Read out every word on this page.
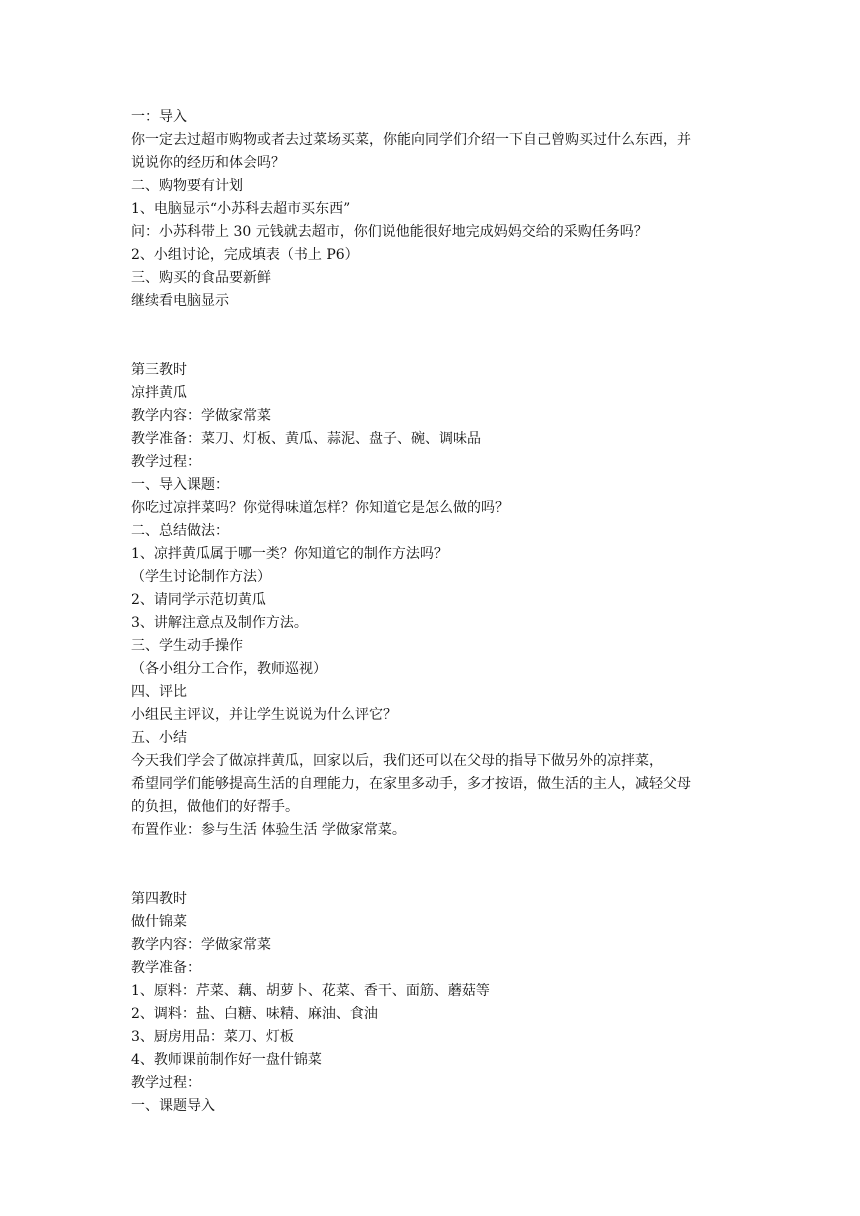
一：导入
你一定去过超市购物或者去过菜场买菜，你能向同学们介绍一下自己曾购买过什么东西，并
说说你的经历和体会吗？
二、购物要有计划
1、电脑显示“小苏科去超市买东西”
问：小苏科带上 30 元钱就去超市，你们说他能很好地完成妈妈交给的采购任务吗？
2、小组讨论，完成填表（书上 P6）
三、购买的食品要新鲜
继续看电脑显示
第三教时
凉拌黄瓜
教学内容：学做家常菜
教学准备：菜刀、灯板、黄瓜、蒜泥、盘子、碗、调味品
教学过程：
一、导入课题：
你吃过凉拌菜吗？你觉得味道怎样？你知道它是怎么做的吗？
二、总结做法：
1、凉拌黄瓜属于哪一类？你知道它的制作方法吗？
（学生讨论制作方法）
2、请同学示范切黄瓜
3、讲解注意点及制作方法。
三、学生动手操作
（各小组分工合作，教师巡视）
四、评比
小组民主评议，并让学生说说为什么评它？
五、小结
今天我们学会了做凉拌黄瓜，回家以后，我们还可以在父母的指导下做另外的凉拌菜，
希望同学们能够提高生活的自理能力，在家里多动手，多才按语，做生活的主人，减轻父母
的负担，做他们的好帮手。
布置作业：参与生活 体验生活 学做家常菜。
第四教时
做什锦菜
教学内容：学做家常菜
教学准备：
1、原料：芹菜、藕、胡萝卜、花菜、香干、面筋、蘑菇等
2、调料：盐、白糖、味精、麻油、食油
3、厨房用品：菜刀、灯板
4、教师课前制作好一盘什锦菜
教学过程：
一、课题导入
